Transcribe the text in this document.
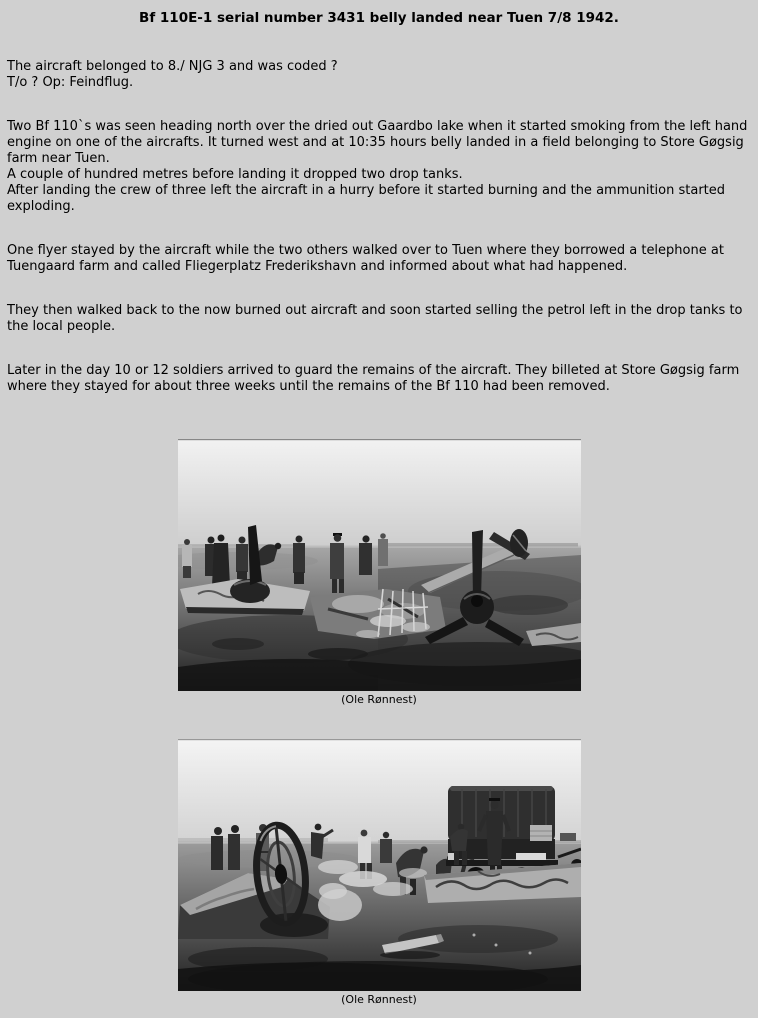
Bf 110E-1 serial number 3431 belly landed near Tuen 7/8 1942.

The aircraft belonged to 8./ NJG 3 and was coded ?
T/o ? Op: Feindflug.

Two Bf 110`s was seen heading north over the dried out Gaardbo lake when it started smoking from the left hand engine on one of the aircrafts. It turned west and at 10:35 hours belly landed in a field belonging to Store Gøgsig farm near Tuen.
A couple of hundred metres before landing it dropped two drop tanks.
After landing the crew of three left the aircraft in a hurry before it started burning and the ammunition started exploding.

One flyer stayed by the aircraft while the two others walked over to Tuen where they borrowed a telephone at Tuengaard farm and called Fliegerplatz Frederikshavn and informed about what had happened.

They then walked back to the now burned out aircraft and soon started selling the petrol left in the drop tanks to the local people.

Later in the day 10 or 12 soldiers arrived to guard the remains of the aircraft. They billeted at Store Gøgsig farm where they stayed for about three weeks until the remains of the Bf 110 had been removed.

(Ole Rønnest)
(Ole Rønnest)
